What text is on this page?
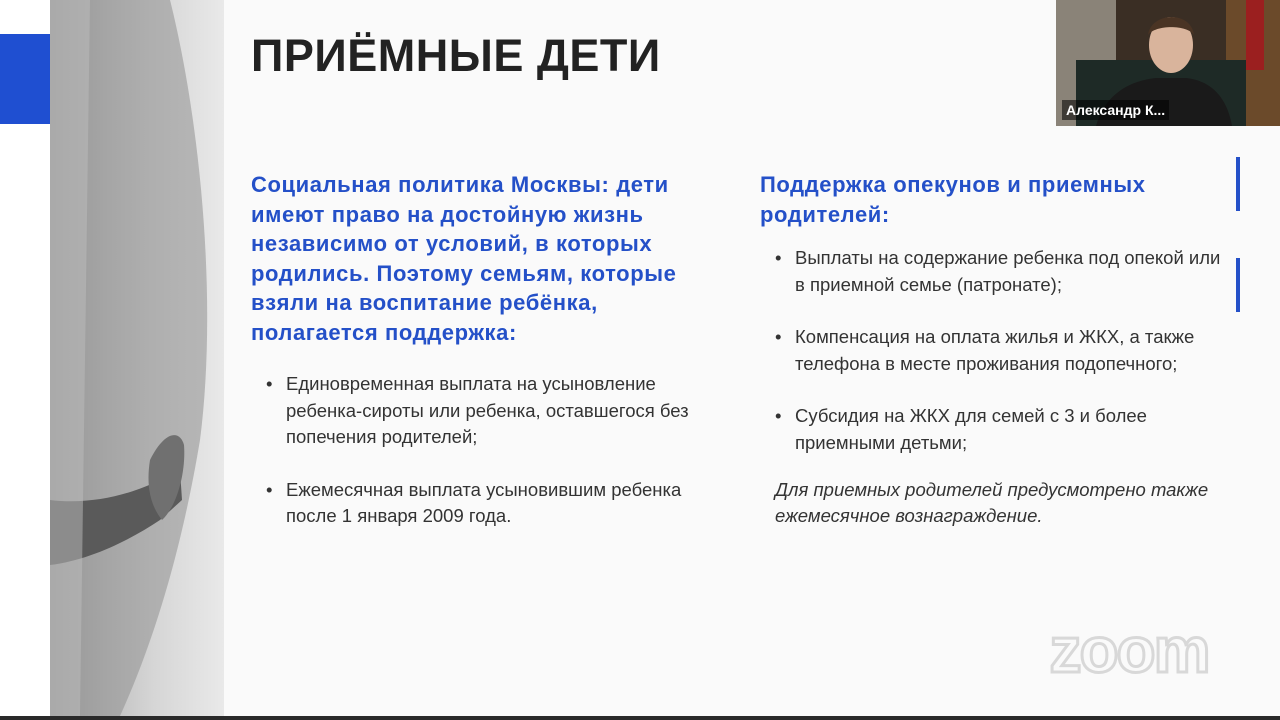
ПРИЁМНЫЕ ДЕТИ

Социальная политика Москвы: дети имеют право на достойную жизнь независимо от условий, в которых родились. Поэтому семьям, которые взяли на воспитание ребёнка, полагается поддержка:

• Единовременная выплата на усыновление ребенка-сироты или ребенка, оставшегося без попечения родителей;
• Ежемесячная выплата усыновившим ребенка после 1 января 2009 года.

Поддержка опекунов и приемных родителей:

• Выплаты на содержание ребенка под опекой или в приемной семье (патронате);
• Компенсация на оплата жилья и ЖКХ, а также телефона в месте проживания подопечного;
• Субсидия на ЖКХ для семей с 3 и более приемными детьми;

Для приемных родителей предусмотрено также ежемесячное вознаграждение.

zoom
Александр К...
